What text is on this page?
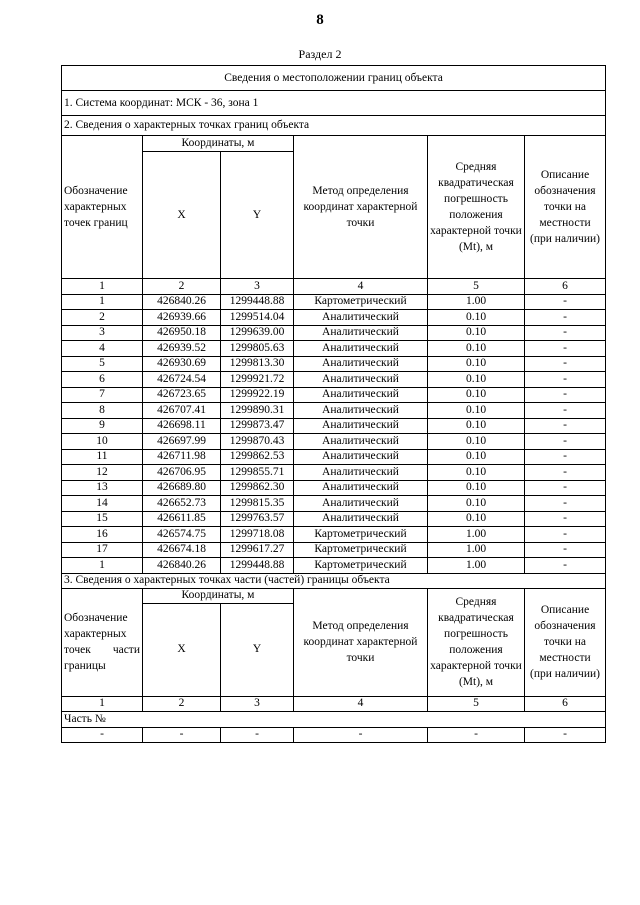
8
Раздел 2
Сведения о местоположении границ объекта					
1. Система координат: МСК - 36, зона 1					
2. Сведения о характерных точках границ объекта					
Обозначение характерных точек границ	Координаты, м		Метод определения координат характерной точки	Средняя квадратическая погрешность положения характерной точки (Mt), м	Описание обозначения точки на местности (при наличии)
	X	Y			
1	2	3	4	5	6
1	426840.26	1299448.88	Картометрический	1.00	-
2	426939.66	1299514.04	Аналитический	0.10	-
3	426950.18	1299639.00	Аналитический	0.10	-
4	426939.52	1299805.63	Аналитический	0.10	-
5	426930.69	1299813.30	Аналитический	0.10	-
6	426724.54	1299921.72	Аналитический	0.10	-
7	426723.65	1299922.19	Аналитический	0.10	-
8	426707.41	1299890.31	Аналитический	0.10	-
9	426698.11	1299873.47	Аналитический	0.10	-
10	426697.99	1299870.43	Аналитический	0.10	-
11	426711.98	1299862.53	Аналитический	0.10	-
12	426706.95	1299855.71	Аналитический	0.10	-
13	426689.80	1299862.30	Аналитический	0.10	-
14	426652.73	1299815.35	Аналитический	0.10	-
15	426611.85	1299763.57	Аналитический	0.10	-
16	426574.75	1299718.08	Картометрический	1.00	-
17	426674.18	1299617.27	Картометрический	1.00	-
1	426840.26	1299448.88	Картометрический	1.00	-
3. Сведения о характерных точках части (частей) границы объекта					
Обозначение характерных точек части границы	Координаты, м		Метод определения координат характерной точки	Средняя квадратическая погрешность положения характерной точки (Mt), м	Описание обозначения точки на местности (при наличии)
	X	Y			
1	2	3	4	5	6
Часть №					
-	-	-	-	-	-
